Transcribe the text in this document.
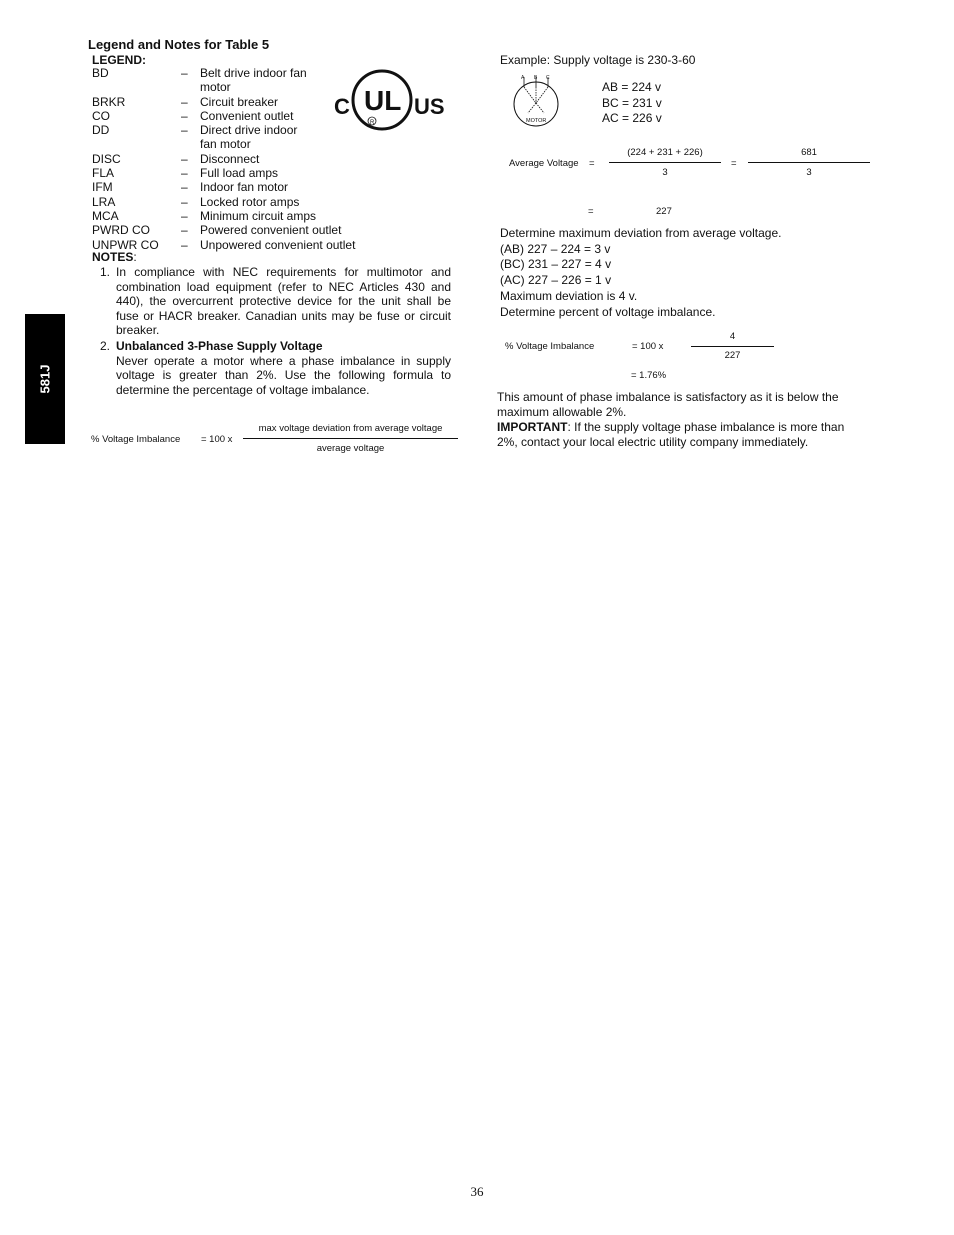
581J
Legend and Notes for Table 5
LEGEND:
BD	–	Belt drive indoor fan motor
BRKR	–	Circuit breaker
CO	–	Convenient outlet
DD	–	Direct drive indoor fan motor
DISC	–	Disconnect
FLA	–	Full load amps
IFM	–	Indoor fan motor
LRA	–	Locked rotor amps
MCA	–	Minimum circuit amps
PWRD CO	–	Powered convenient outlet
UNPWR CO	–	Unpowered convenient outlet
C UL
R
US
NOTES:
1. In compliance with NEC requirements for multimotor and combination load equipment (refer to NEC Articles 430 and 440), the overcurrent protective device for the unit shall be fuse or HACR breaker. Canadian units may be fuse or circuit breaker.
2. Unbalanced 3-Phase Supply Voltage
Never operate a motor where a phase imbalance in supply voltage is greater than 2%. Use the following formula to determine the percentage of voltage imbalance.
% Voltage Imbalance = 100 x
max voltage deviation from average voltage
average voltage
Example: Supply voltage is 230-3-60
A B C
MOTOR
AB = 224 v
BC = 231 v
AC = 226 v
Average Voltage =
(224 + 231 + 226)
3
=
681
3
=	227
Determine maximum deviation from average voltage.
(AB) 227 – 224 = 3 v
(BC) 231 – 227 = 4 v
(AC) 227 – 226 = 1 v
Maximum deviation is 4 v.
Determine percent of voltage imbalance.
% Voltage Imbalance	= 100 x
4
227
= 1.76%
This amount of phase imbalance is satisfactory as it is below the maximum allowable 2%.
IMPORTANT: If the supply voltage phase imbalance is more than 2%, contact your local electric utility company immediately.
36
